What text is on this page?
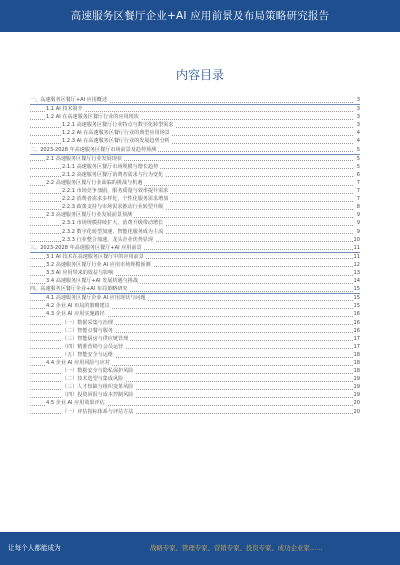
高速服务区餐厅企业+AI 应用前景及布局策略研究报告
内容目录
一、高速服务区餐厅+AI 应用概述	3
1.1 AI 技术简介	3
1.2 AI 在高速服务区餐厅行业的应用现状	3
1.2.1 高速服务区餐厅行业特点与数字化转型需求	3
1.2.2 AI 在高速服务区餐厅行业的典型应用场景	4
1.2.3 AI 在高速服务区餐厅行业的发展趋势分析	4
二、2023-2028 年高速服务区餐厅市场前景及趋势预测	5
2.1 高速服务区餐厅行业发展现状	5
2.1.1 高速服务区餐厅市场规模与增长趋势	5
2.1.2 高速服务区餐厅消费者需求与行为变化	6
2.2 高速服务区餐厅行业面临的挑战与机遇	7
2.2.1 市场竞争加剧，服务质量与效率提升需求	7
2.2.2 消费者需求多样化，个性化服务需求增加	7
2.2.3 政策支持与市场需求推动行业转型升级	8
2.3 高速服务区餐厅行业发展前景预测	9
2.3.1 市场规模持续扩大，消费升级带动增长	9
2.3.2 数字化转型加速，智能化服务成为主流	9
2.3.3 行业整合加速，龙头企业优势显现	10
三、2023-2028 年高速服务区餐厅+AI 应用前景	11
3.1 AI 技术在高速服务区餐厅中的应用前景	11
3.2 高速服务区餐厅行业 AI 应用市场规模预测	12
3.3 AI 应用带来的效益与影响	13
3.4 高速服务区餐厅+AI 发展机遇与挑战	14
四、高速服务区餐厅企业+AI 布局策略研究	15
4.1 高速服务区餐厅企业 AI 应用现状与问题	15
4.2 企业 AI 布局的策略建议	15
4.3 企业 AI 应用实施路径	16
（一）数据采集与治理	16
（二）智能点餐与服务	16
（三）智能厨房与供应链管理	17
（四）精准营销与会员运营	17
（五）智能安全与运维	18
4.4 企业 AI 应用风险与应对	18
（一）数据安全与隐私保护风险	18
（二）技术选型与集成风险	19
（三）人才短缺与组织变革风险	19
（四）投资回报与成本控制风险	19
4.5 企业 AI 应用效果评估	20
（一）评估指标体系与评估方法	20
让每个人都能成为	战略专家、管理专家、营销专家、投资专家、成功企业家……
